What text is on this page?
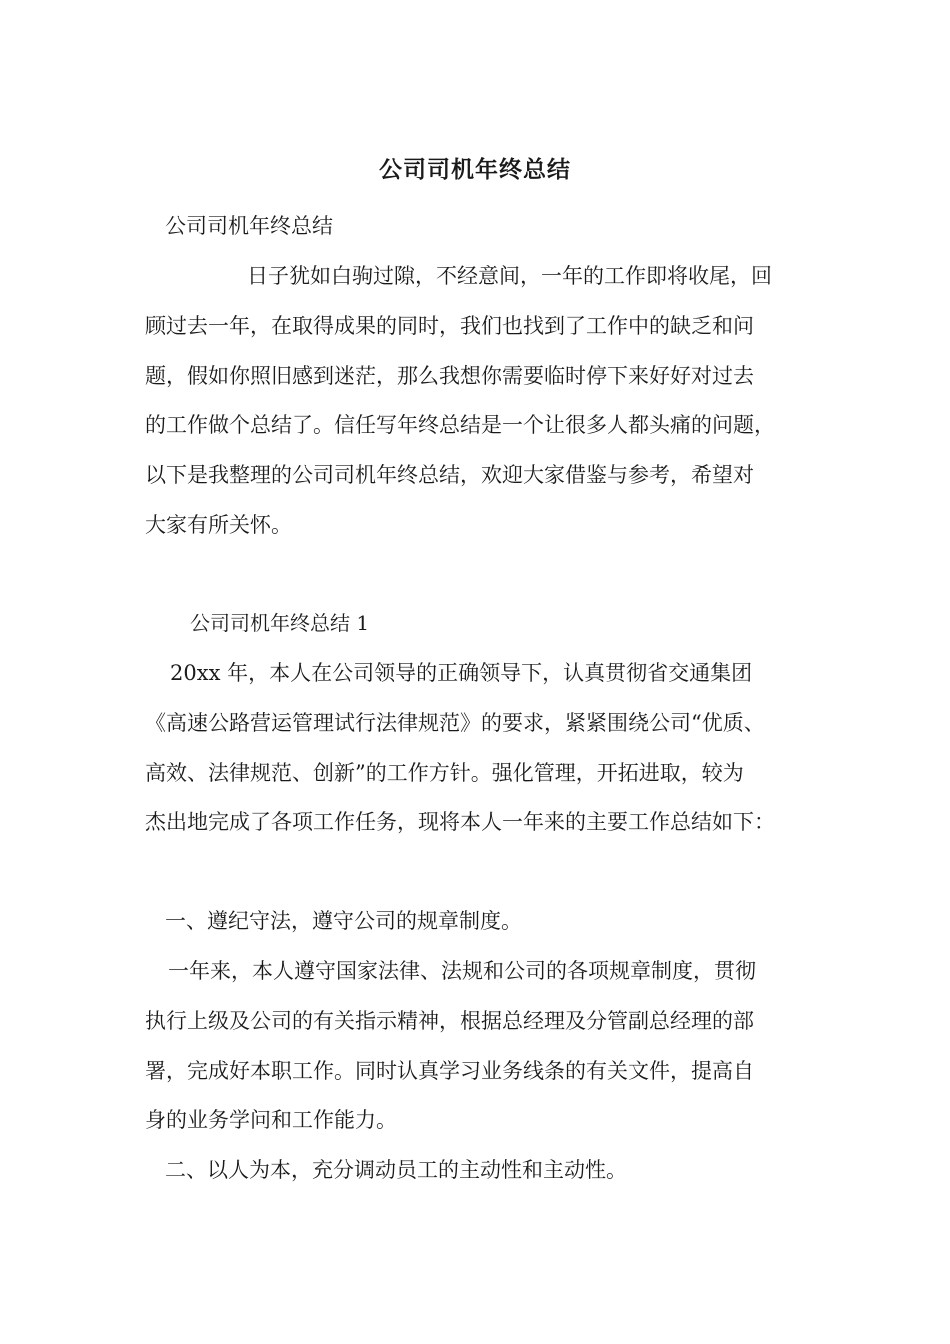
公司司机年终总结
公司司机年终总结
日子犹如白驹过隙，不经意间，一年的工作即将收尾，回
顾过去一年，在取得成果的同时，我们也找到了工作中的缺乏和问
题，假如你照旧感到迷茫，那么我想你需要临时停下来好好对过去
的工作做个总结了。信任写年终总结是一个让很多人都头痛的问题，
以下是我整理的公司司机年终总结，欢迎大家借鉴与参考，希望对
大家有所关怀。
公司司机年终总结 1
20xx 年，本人在公司领导的正确领导下，认真贯彻省交通集团
《高速公路营运管理试行法律规范》的要求，紧紧围绕公司“优质、
高效、法律规范、创新”的工作方针。强化管理，开拓进取，较为
杰出地完成了各项工作任务，现将本人一年来的主要工作总结如下：
一、遵纪守法，遵守公司的规章制度。
一年来，本人遵守国家法律、法规和公司的各项规章制度，贯彻
执行上级及公司的有关指示精神，根据总经理及分管副总经理的部
署，完成好本职工作。同时认真学习业务线条的有关文件，提高自
身的业务学问和工作能力。
二、以人为本，充分调动员工的主动性和主动性。
